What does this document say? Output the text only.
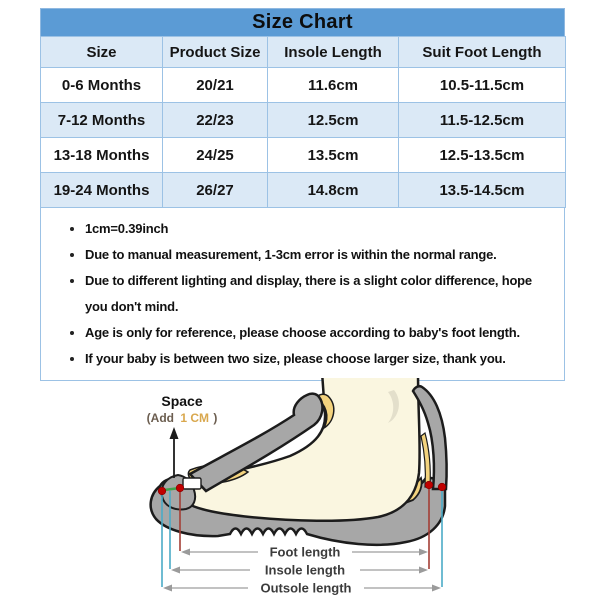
Size Chart
Size	Product Size	Insole Length	Suit Foot Length
0-6 Months	20/21	11.6cm	10.5-11.5cm
7-12 Months	22/23	12.5cm	11.5-12.5cm
13-18 Months	24/25	13.5cm	12.5-13.5cm
19-24 Months	26/27	14.8cm	13.5-14.5cm
1cm=0.39inch
Due to manual measurement, 1-3cm error is within the normal range.
Due to different lighting and display, there is a slight color difference, hope you don't mind.
Age is only for reference, please choose according to baby's foot length.
If your baby is between two size, please choose larger size, thank you.
Space
(Add 1 CM )
Foot length
Insole length
Outsole length
